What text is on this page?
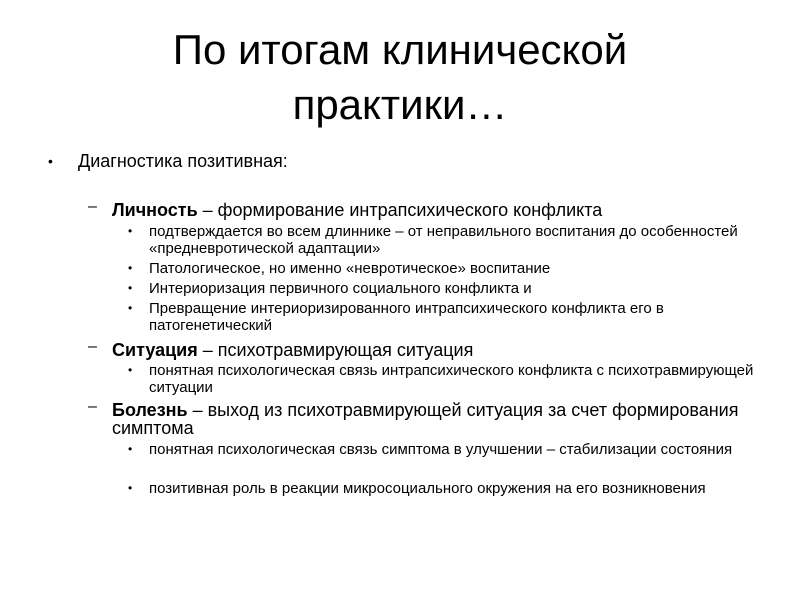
По итогам клинической
практики…
• Диагностика позитивная:
– Личность – формирование интрапсихического конфликта
• подтверждается во всем длиннике – от неправильного воспитания до особенностей «предневротической адаптации»
• Патологическое, но именно «невротическое» воспитание
• Интериоризация первичного социального конфликта и
• Превращение интериоризированного интрапсихического конфликта его в патогенетический
– Ситуация – психотравмирующая ситуация
• понятная психологическая связь интрапсихического конфликта с психотравмирующей ситуации
– Болезнь – выход из психотравмирующей ситуация за счет формирования симптома
• понятная психологическая связь симптома в улучшении – стабилизации состояния
• позитивная роль в реакции микросоциального окружения на его возникновения
